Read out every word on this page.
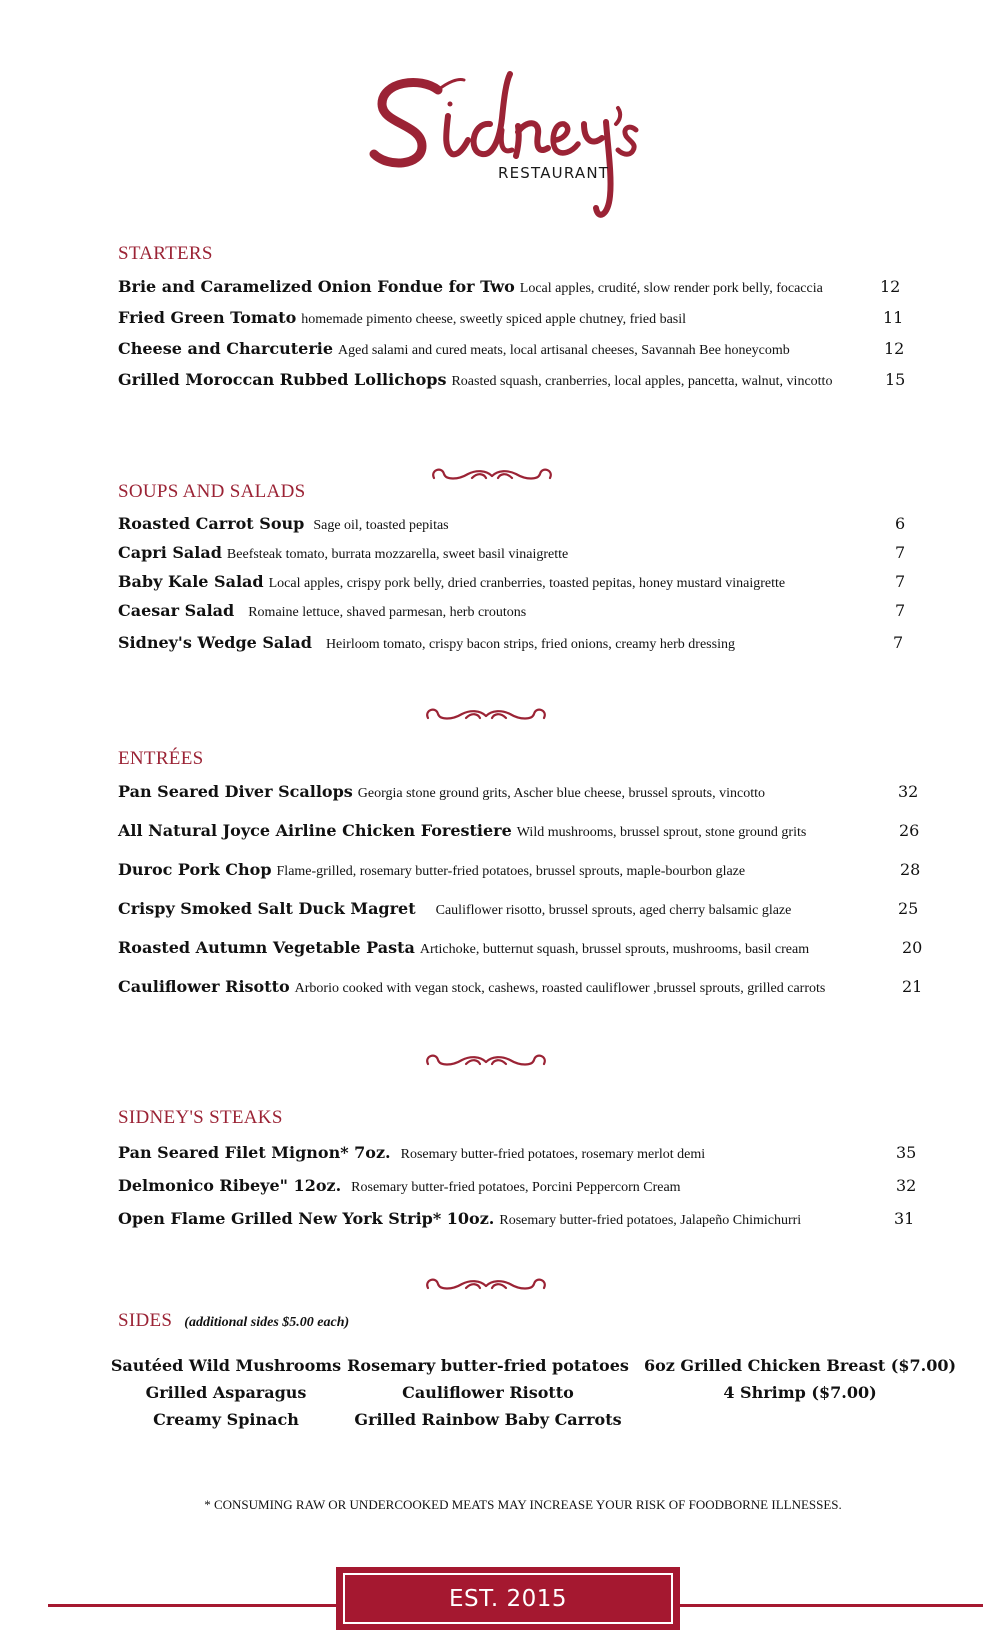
RESTAURANT
STARTERS
Brie and Caramelized Onion Fondue for Two Local apples, crudité, slow render pork belly, focaccia	12
Fried Green Tomato homemade pimento cheese, sweetly spiced apple chutney, fried basil	11
Cheese and Charcuterie Aged salami and cured meats, local artisanal cheeses, Savannah Bee honeycomb	12
Grilled Moroccan Rubbed Lollichops Roasted squash, cranberries, local apples, pancetta, walnut, vincotto	15
SOUPS AND SALADS
Roasted Carrot Soup Sage oil, toasted pepitas	6
Capri Salad Beefsteak tomato, burrata mozzarella, sweet basil vinaigrette	7
Baby Kale Salad Local apples, crispy pork belly, dried cranberries, toasted pepitas, honey mustard vinaigrette	7
Caesar Salad Romaine lettuce, shaved parmesan, herb croutons	7
Sidney's Wedge Salad Heirloom tomato, crispy bacon strips, fried onions, creamy herb dressing	7
ENTRÉES
Pan Seared Diver Scallops Georgia stone ground grits, Ascher blue cheese, brussel sprouts, vincotto	32
All Natural Joyce Airline Chicken Forestiere Wild mushrooms, brussel sprout, stone ground grits	26
Duroc Pork Chop Flame-grilled, rosemary butter-fried potatoes, brussel sprouts, maple-bourbon glaze	28
Crispy Smoked Salt Duck Magret Cauliflower risotto, brussel sprouts, aged cherry balsamic glaze	25
Roasted Autumn Vegetable Pasta Artichoke, butternut squash, brussel sprouts, mushrooms, basil cream	20
Cauliflower Risotto Arborio cooked with vegan stock, cashews, roasted cauliflower ,brussel sprouts, grilled carrots	21
SIDNEY'S STEAKS
Pan Seared Filet Mignon* 7oz. Rosemary butter-fried potatoes, rosemary merlot demi	35
Delmonico Ribeye" 12oz. Rosemary butter-fried potatoes, Porcini Peppercorn Cream	32
Open Flame Grilled New York Strip* 10oz. Rosemary butter-fried potatoes, Jalapeño Chimichurri	31
SIDES (additional sides $5.00 each)
Sautéed Wild Mushrooms
Grilled Asparagus
Creamy Spinach
Rosemary butter-fried potatoes
Cauliflower Risotto
Grilled Rainbow Baby Carrots
6oz Grilled Chicken Breast ($7.00)
4 Shrimp ($7.00)
* CONSUMING RAW OR UNDERCOOKED MEATS MAY INCREASE YOUR RISK OF FOODBORNE ILLNESSES.
EST. 2015
